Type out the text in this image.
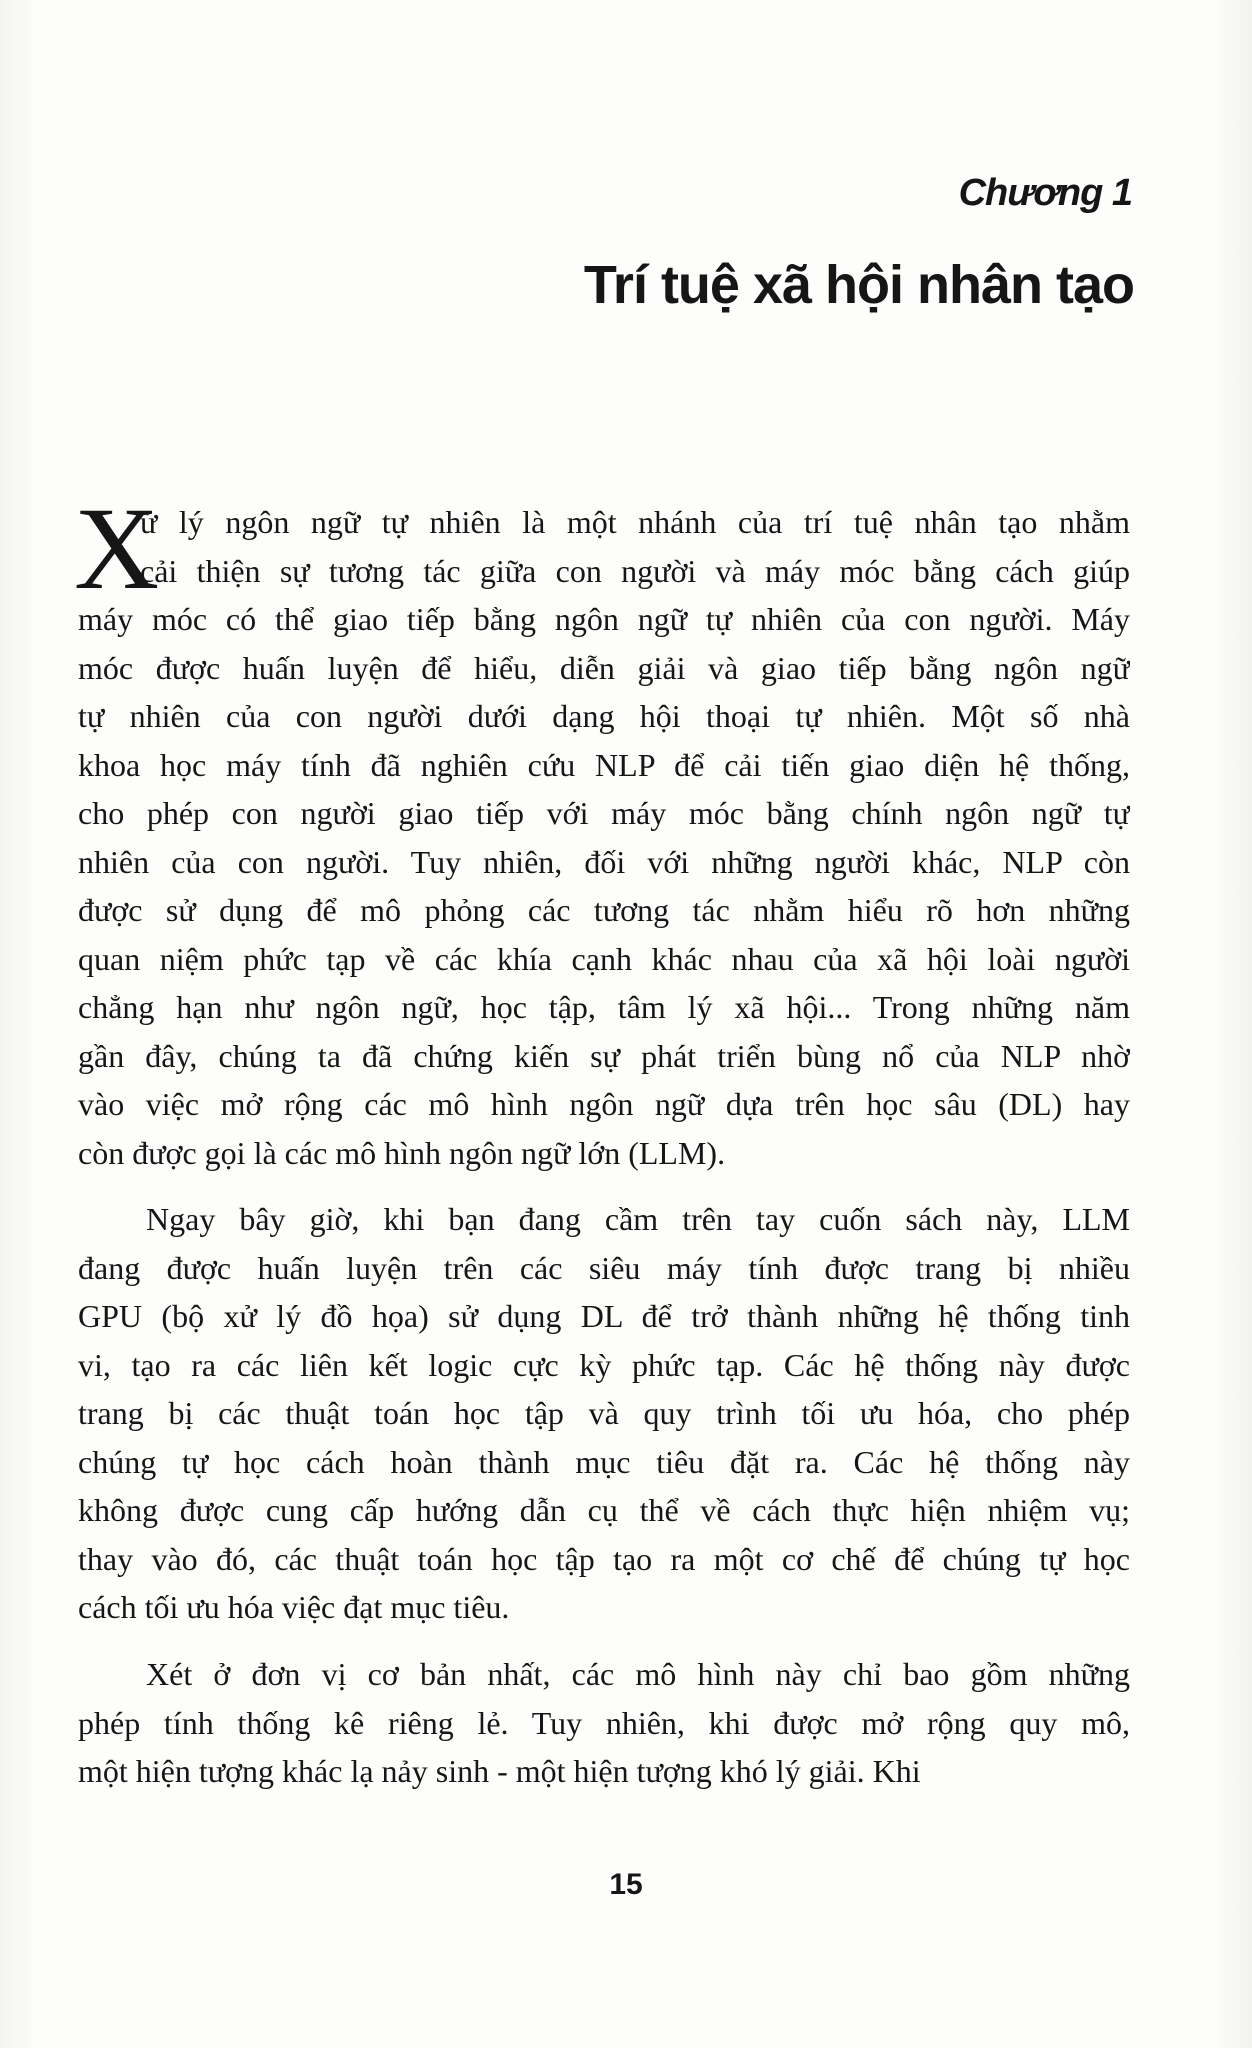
Chương 1
Trí tuệ xã hội nhân tạo
X
ử lý ngôn ngữ tự nhiên là một nhánh của trí tuệ nhân tạo nhằm
cải thiện sự tương tác giữa con người và máy móc bằng cách giúp
máy móc có thể giao tiếp bằng ngôn ngữ tự nhiên của con người. Máy
móc được huấn luyện để hiểu, diễn giải và giao tiếp bằng ngôn ngữ
tự nhiên của con người dưới dạng hội thoại tự nhiên. Một số nhà
khoa học máy tính đã nghiên cứu NLP để cải tiến giao diện hệ thống,
cho phép con người giao tiếp với máy móc bằng chính ngôn ngữ tự
nhiên của con người. Tuy nhiên, đối với những người khác, NLP còn
được sử dụng để mô phỏng các tương tác nhằm hiểu rõ hơn những
quan niệm phức tạp về các khía cạnh khác nhau của xã hội loài người
chẳng hạn như ngôn ngữ, học tập, tâm lý xã hội... Trong những năm
gần đây, chúng ta đã chứng kiến sự phát triển bùng nổ của NLP nhờ
vào việc mở rộng các mô hình ngôn ngữ dựa trên học sâu (DL) hay
còn được gọi là các mô hình ngôn ngữ lớn (LLM).
Ngay bây giờ, khi bạn đang cầm trên tay cuốn sách này, LLM
đang được huấn luyện trên các siêu máy tính được trang bị nhiều
GPU (bộ xử lý đồ họa) sử dụng DL để trở thành những hệ thống tinh
vi, tạo ra các liên kết logic cực kỳ phức tạp. Các hệ thống này được
trang bị các thuật toán học tập và quy trình tối ưu hóa, cho phép
chúng tự học cách hoàn thành mục tiêu đặt ra. Các hệ thống này
không được cung cấp hướng dẫn cụ thể về cách thực hiện nhiệm vụ;
thay vào đó, các thuật toán học tập tạo ra một cơ chế để chúng tự học
cách tối ưu hóa việc đạt mục tiêu.
Xét ở đơn vị cơ bản nhất, các mô hình này chỉ bao gồm những
phép tính thống kê riêng lẻ. Tuy nhiên, khi được mở rộng quy mô,
một hiện tượng khác lạ nảy sinh - một hiện tượng khó lý giải. Khi
15
